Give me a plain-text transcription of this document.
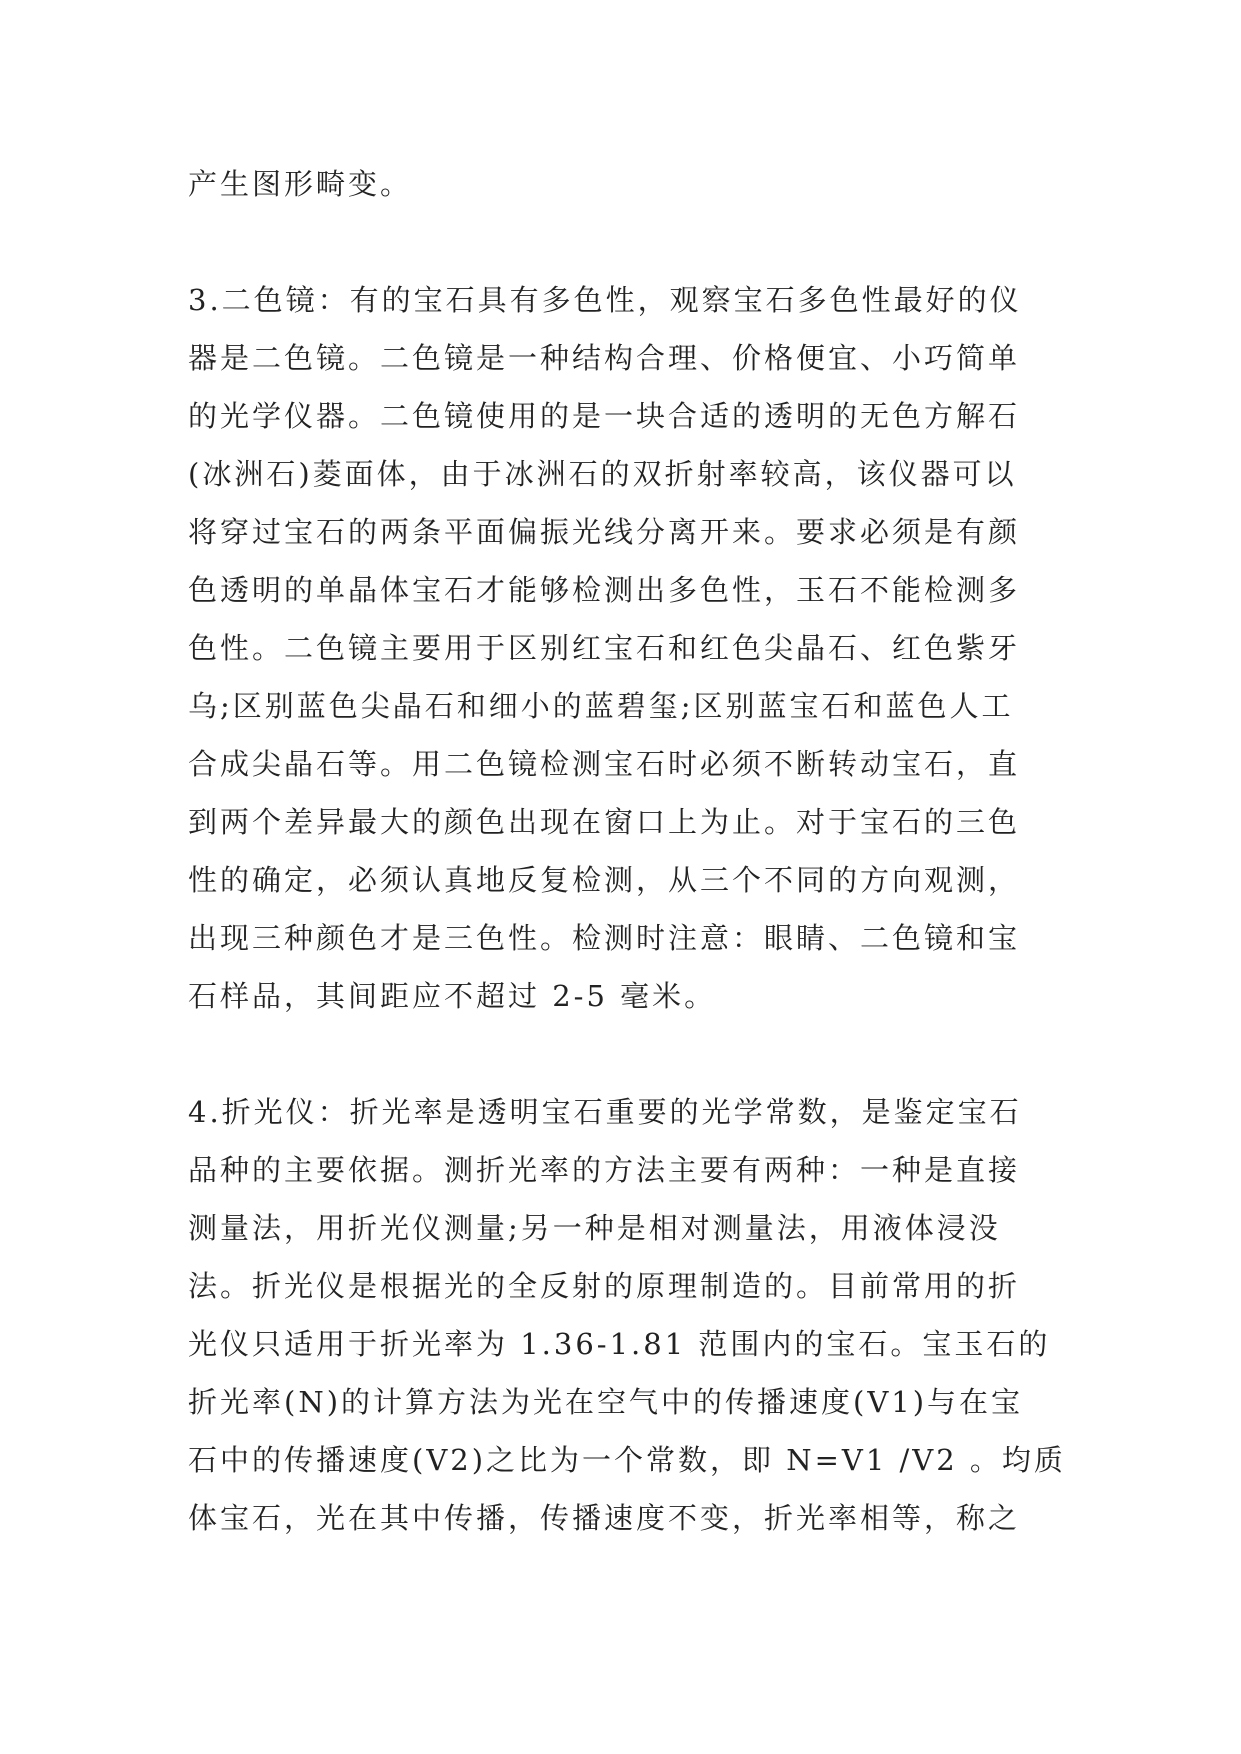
产生图形畸变。
3.二色镜：有的宝石具有多色性，观察宝石多色性最好的仪
器是二色镜。二色镜是一种结构合理、价格便宜、小巧简单
的光学仪器。二色镜使用的是一块合适的透明的无色方解石
(冰洲石)菱面体，由于冰洲石的双折射率较高，该仪器可以
将穿过宝石的两条平面偏振光线分离开来。要求必须是有颜
色透明的单晶体宝石才能够检测出多色性，玉石不能检测多
色性。二色镜主要用于区别红宝石和红色尖晶石、红色紫牙
乌;区别蓝色尖晶石和细小的蓝碧玺;区别蓝宝石和蓝色人工
合成尖晶石等。用二色镜检测宝石时必须不断转动宝石，直
到两个差异最大的颜色出现在窗口上为止。对于宝石的三色
性的确定，必须认真地反复检测，从三个不同的方向观测，
出现三种颜色才是三色性。检测时注意：眼睛、二色镜和宝
石样品，其间距应不超过 2-5 毫米。
4.折光仪：折光率是透明宝石重要的光学常数，是鉴定宝石
品种的主要依据。测折光率的方法主要有两种：一种是直接
测量法，用折光仪测量;另一种是相对测量法，用液体浸没
法。折光仪是根据光的全反射的原理制造的。目前常用的折
光仪只适用于折光率为 1.36-1.81 范围内的宝石。宝玉石的
折光率(N)的计算方法为光在空气中的传播速度(V1)与在宝
石中的传播速度(V2)之比为一个常数，即 N=V1 /V2 。均质
体宝石，光在其中传播，传播速度不变，折光率相等，称之
